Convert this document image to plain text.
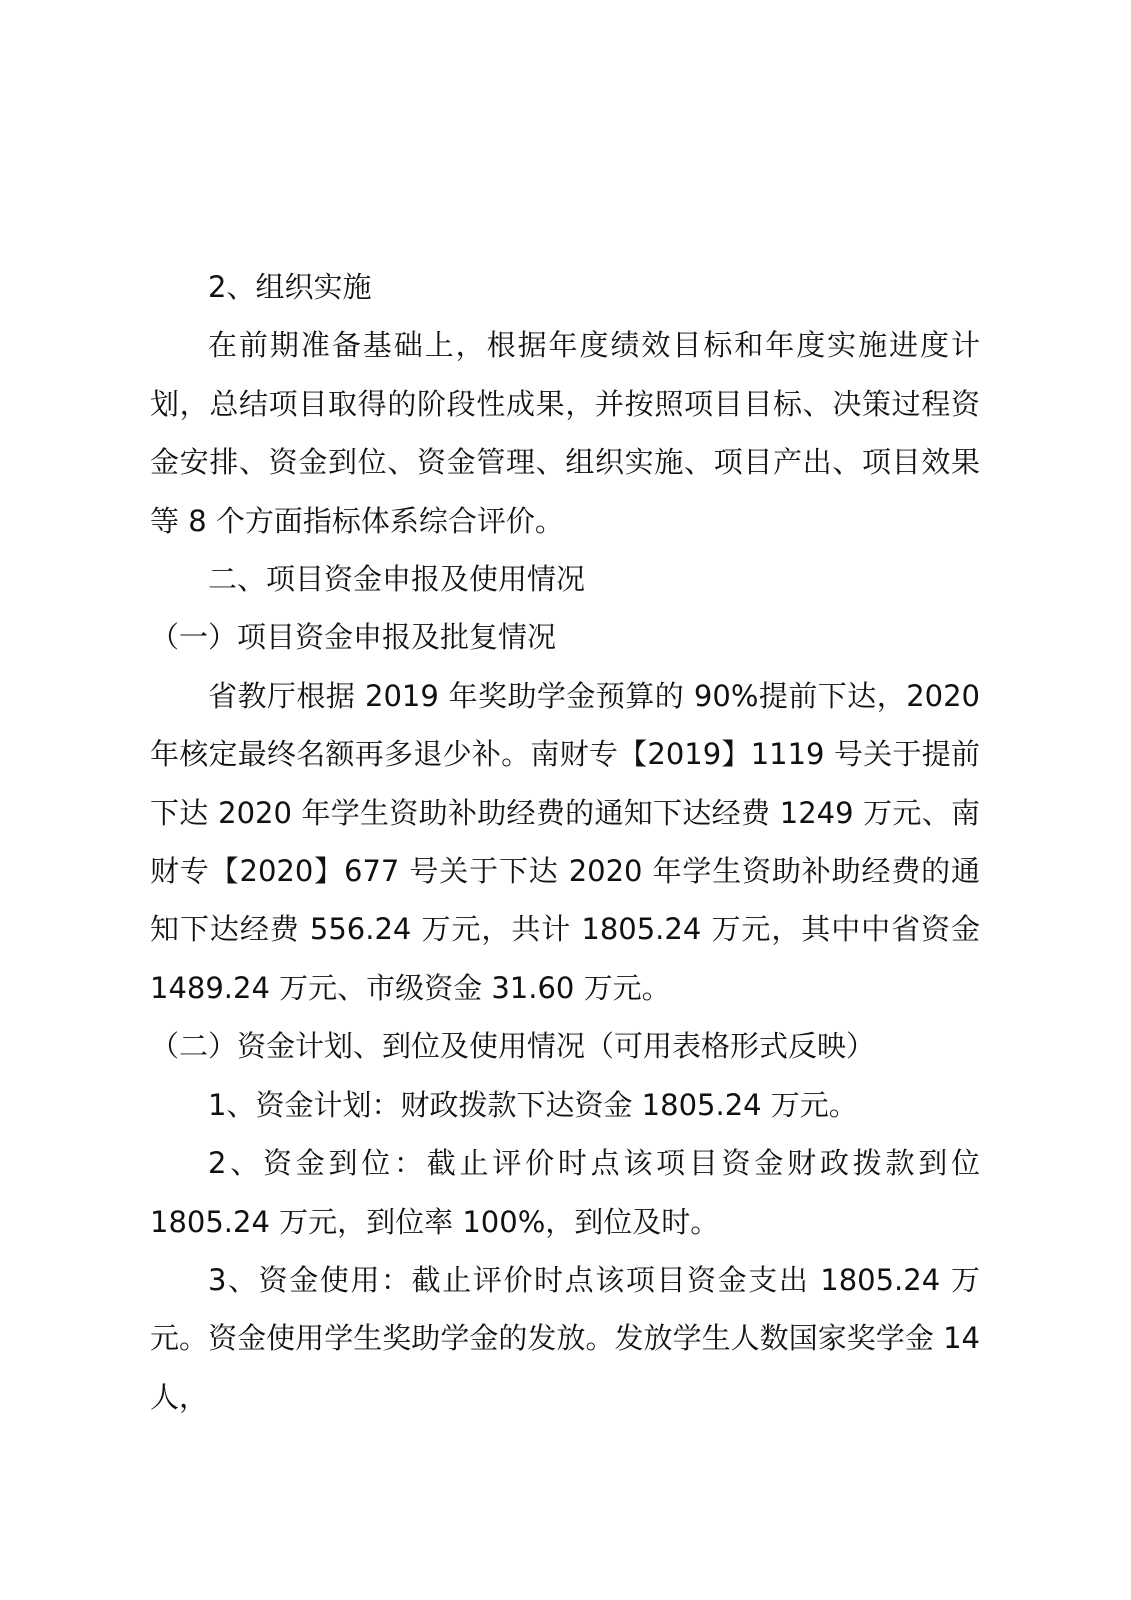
2、组织实施

在前期准备基础上，根据年度绩效目标和年度实施进度计划，总结项目取得的阶段性成果，并按照项目目标、决策过程资金安排、资金到位、资金管理、组织实施、项目产出、项目效果等 8 个方面指标体系综合评价。

二、项目资金申报及使用情况

（一）项目资金申报及批复情况

省教厅根据 2019 年奖助学金预算的 90%提前下达，2020 年核定最终名额再多退少补。南财专【2019】1119 号关于提前下达 2020 年学生资助补助经费的通知下达经费 1249 万元、南财专【2020】677 号关于下达 2020 年学生资助补助经费的通知下达经费 556.24 万元，共计 1805.24 万元，其中中省资金 1489.24 万元、市级资金 31.60 万元。

（二）资金计划、到位及使用情况（可用表格形式反映）

1、资金计划：财政拨款下达资金 1805.24 万元。

2、资金到位：截止评价时点该项目资金财政拨款到位 1805.24 万元，到位率 100%，到位及时。

3、资金使用：截止评价时点该项目资金支出 1805.24 万元。资金使用学生奖助学金的发放。发放学生人数国家奖学金 14 人，
